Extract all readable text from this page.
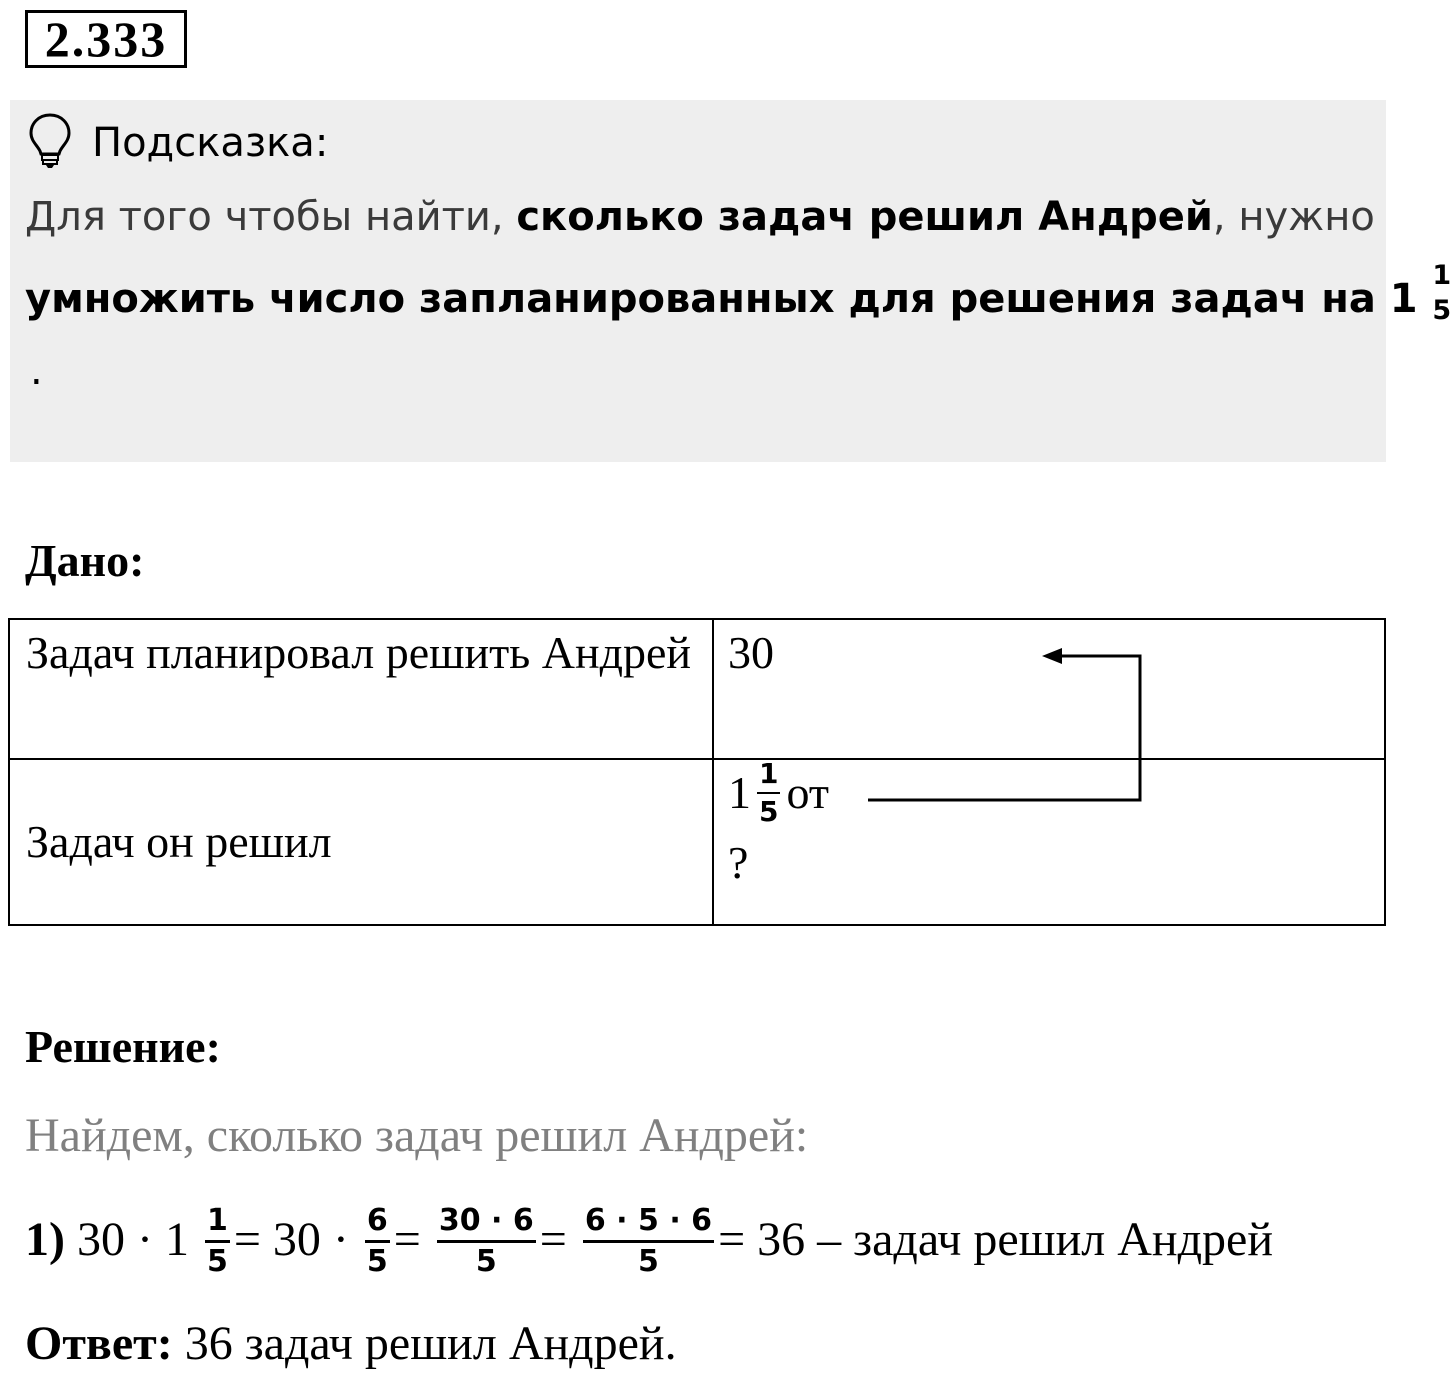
2.333
Подсказка:
Для того чтобы найти, сколько задач решил Андрей, нужно
умножить число запланированных для решения задач на 1
1
5
.
Дано:
Задач планировал решить Андрей	30
Задач он решил	$1 \frac{1}{5}$ от
?
Решение:
Найдем, сколько задач решил Андрей:
1) $30 \cdot 1 \frac{1}{5} = 30 \cdot \frac{6}{5} = \frac{30 \cdot 6}{5} = \frac{6 \cdot 5 \cdot 6}{5} = 36$ – задач решил Андрей
Ответ: 36 задач решил Андрей.
